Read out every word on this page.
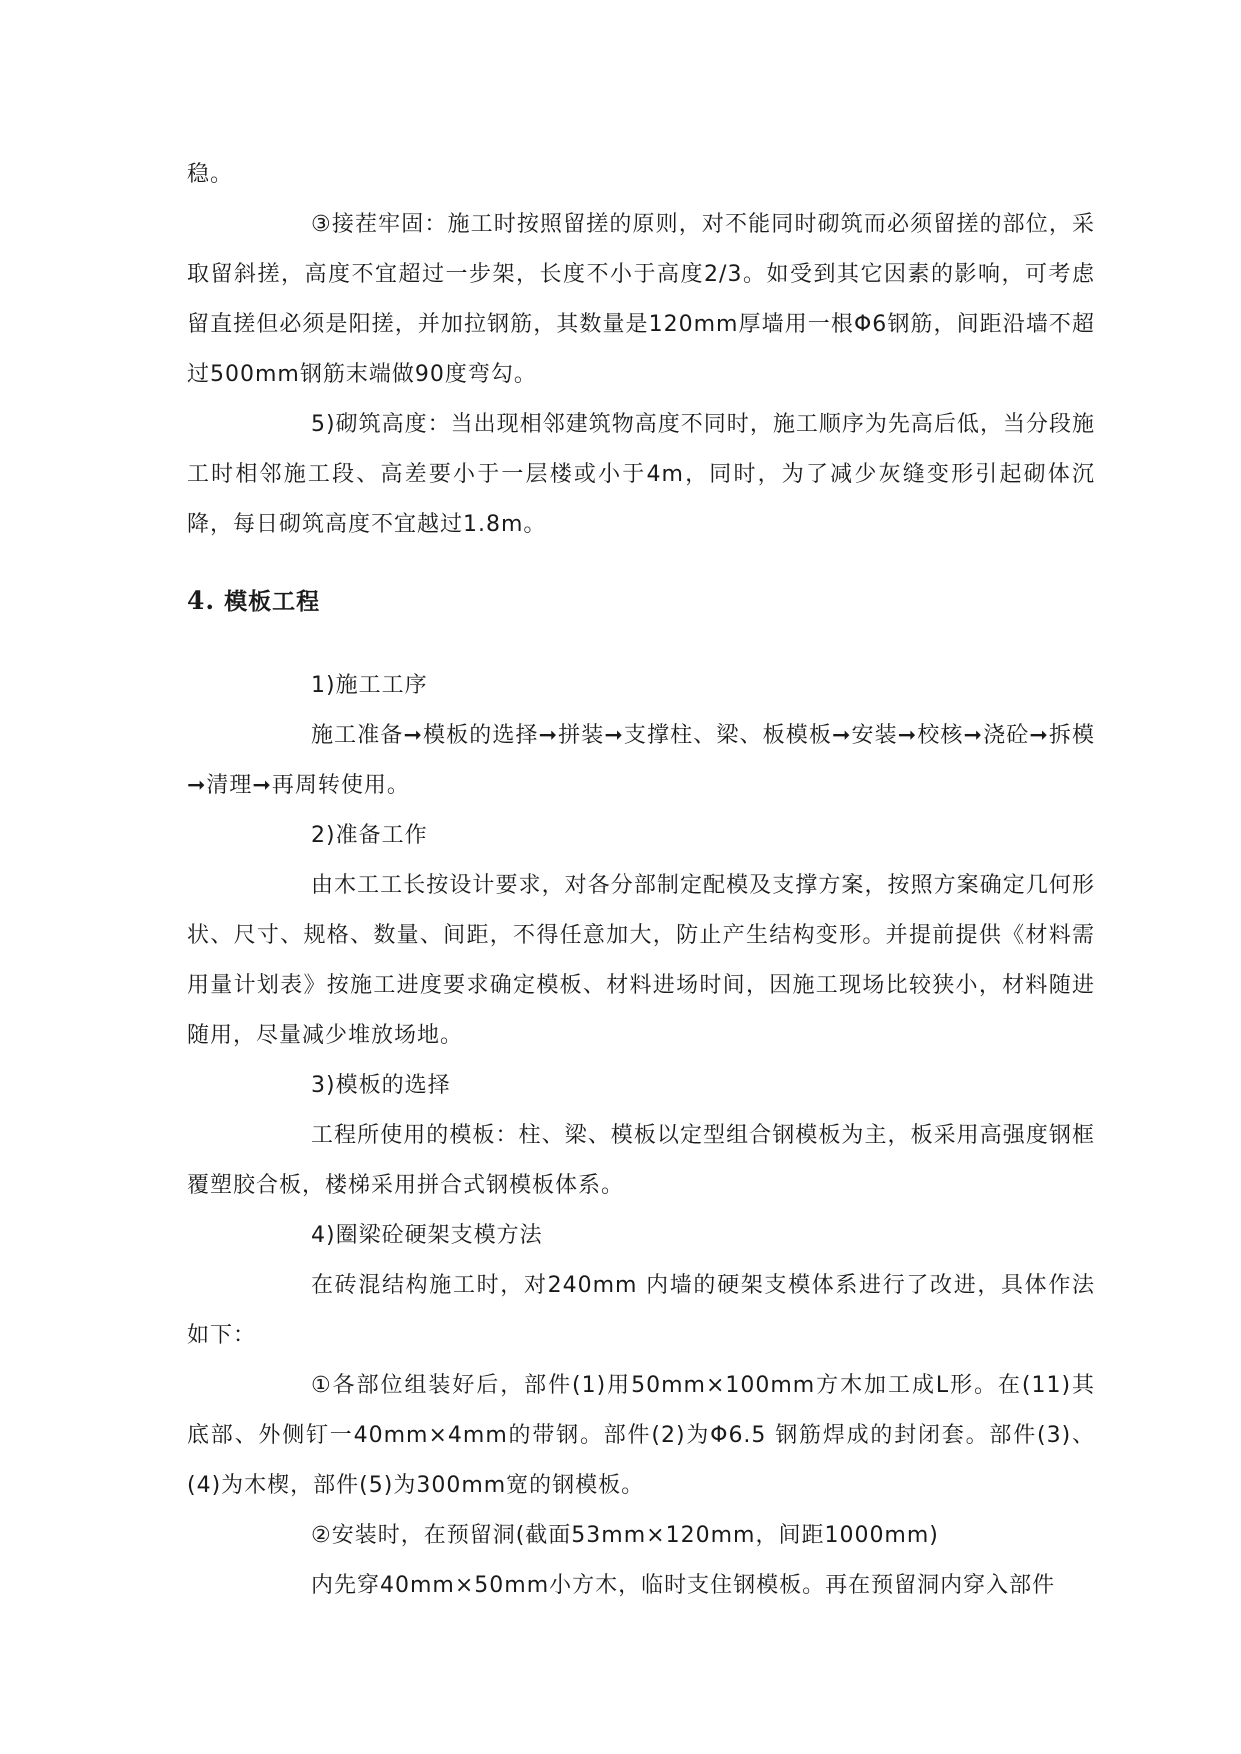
稳。

③接茬牢固：施工时按照留搓的原则，对不能同时砌筑而必须留搓的部位，采取留斜搓，高度不宜超过一步架，长度不小于高度2/3。如受到其它因素的影响，可考虑留直搓但必须是阳搓，并加拉钢筋，其数量是120mm厚墙用一根Φ6钢筋，间距沿墙不超过500mm钢筋末端做90度弯勾。

5)砌筑高度：当出现相邻建筑物高度不同时，施工顺序为先高后低，当分段施工时相邻施工段、高差要小于一层楼或小于4m，同时，为了减少灰缝变形引起砌体沉降，每日砌筑高度不宜越过1.8m。

4. 模板工程

1)施工工序

施工准备➞模板的选择➞拼装➞支撑柱、梁、板模板➞安装➞校核➞浇砼➞拆模➞清理➞再周转使用。

2)准备工作

由木工工长按设计要求，对各分部制定配模及支撑方案，按照方案确定几何形状、尺寸、规格、数量、间距，不得任意加大，防止产生结构变形。并提前提供《材料需用量计划表》按施工进度要求确定模板、材料进场时间，因施工现场比较狭小，材料随进随用，尽量减少堆放场地。

3)模板的选择

工程所使用的模板：柱、梁、模板以定型组合钢模板为主，板采用高强度钢框覆塑胶合板，楼梯采用拼合式钢模板体系。

4)圈梁砼硬架支模方法

在砖混结构施工时，对240mm 内墙的硬架支模体系进行了改进，具体作法如下：

①各部位组装好后，部件(1)用50mm×100mm方木加工成L形。在(11)其底部、外侧钉一40mm×4mm的带钢。部件(2)为Φ6.5 钢筋焊成的封闭套。部件(3)、(4)为木楔，部件(5)为300mm宽的钢模板。

②安装时，在预留洞(截面53mm×120mm，间距1000mm)

内先穿40mm×50mm小方木，临时支住钢模板。再在预留洞内穿入部件
